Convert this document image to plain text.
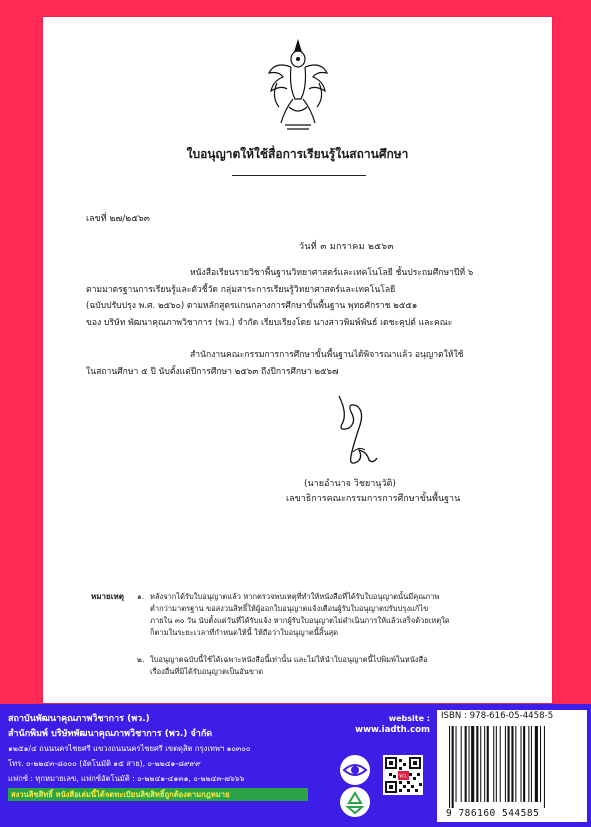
ใบอนุญาตให้ใช้สื่อการเรียนรู้ในสถานศึกษา
เลขที่ ๒๗/๒๕๖๓
วันที่ ๓ มกราคม ๒๕๖๓
หนังสือเรียนรายวิชาพื้นฐานวิทยาศาสตร์และเทคโนโลยี ชั้นประถมศึกษาปีที่ ๖
ตามมาตรฐานการเรียนรู้และตัวชี้วัด กลุ่มสาระการเรียนรู้วิทยาศาสตร์และเทคโนโลยี
(ฉบับปรับปรุง พ.ศ. ๒๕๖๐) ตามหลักสูตรแกนกลางการศึกษาขั้นพื้นฐาน พุทธศักราช ๒๕๕๑
ของ บริษัท พัฒนาคุณภาพวิชาการ (พว.) จำกัด เรียบเรียงโดย นางสาวพิมพ์พันธ์ เดชะคุปต์ และคณะ
สำนักงานคณะกรรมการการศึกษาขั้นพื้นฐานได้พิจารณาแล้ว อนุญาตให้ใช้
ในสถานศึกษา ๕ ปี นับตั้งแต่ปีการศึกษา ๒๕๖๓ ถึงปีการศึกษา ๒๕๖๗
(นายอำนาจ วิชยานุวัติ)
เลขาธิการคณะกรรมการการศึกษาขั้นพื้นฐาน
หมายเหตุ ๑. หลังจากได้รับใบอนุญาตแล้ว หากตรวจพบเหตุที่ทำให้หนังสือที่ได้รับใบอนุญาตนั้นมีคุณภาพ
ต่ำกว่ามาตรฐาน ขอสงวนสิทธิ์ให้ผู้ออกใบอนุญาตแจ้งเตือนผู้รับใบอนุญาตปรับปรุงแก้ไข
ภายใน ๓๐ วัน นับตั้งแต่วันที่ได้รับแจ้ง หากผู้รับใบอนุญาตไม่ดำเนินการให้แล้วเสร็จด้วยเหตุใด
ก็ตามในระยะเวลาที่กำหนดให้นี้ ให้ถือว่าใบอนุญาตนี้สิ้นสุด
๒. ใบอนุญาตฉบับนี้ใช้ได้เฉพาะหนังสือนี้เท่านั้น และไม่ให้นำใบอนุญาตนี้ไปพิมพ์ในหนังสือ
เรื่องอื่นที่มิได้รับอนุญาตเป็นอันขาด
สถาบันพัฒนาคุณภาพวิชาการ (พว.)
สำนักพิมพ์ บริษัทพัฒนาคุณภาพวิชาการ (พว.) จำกัด
๑๒๕๑/๔ ถนนนครไชยศรี แขวงถนนนครไชยศรี เขตดุสิต กรุงเทพฯ ๑๐๓๐๐
โทร. ๐-๒๒๔๓-๘๐๐๐ (อัตโนมัติ ๑๕ สาย), ๐-๒๒๔๑-๘๙๙๙
แฟกซ์ : ทุกหมายเลข, แฟกซ์อัตโนมัติ : ๐-๒๒๔๑-๔๑๓๑, ๐-๒๒๔๓-๗๖๖๖
สงวนลิขสิทธิ์ หนังสือเล่มนี้ได้จดทะเบียนลิขสิทธิ์ถูกต้องตามกฎหมาย
website :
www.iadth.com
พว.
ISBN : 978-616-05-4458-5
9 786160 544585
